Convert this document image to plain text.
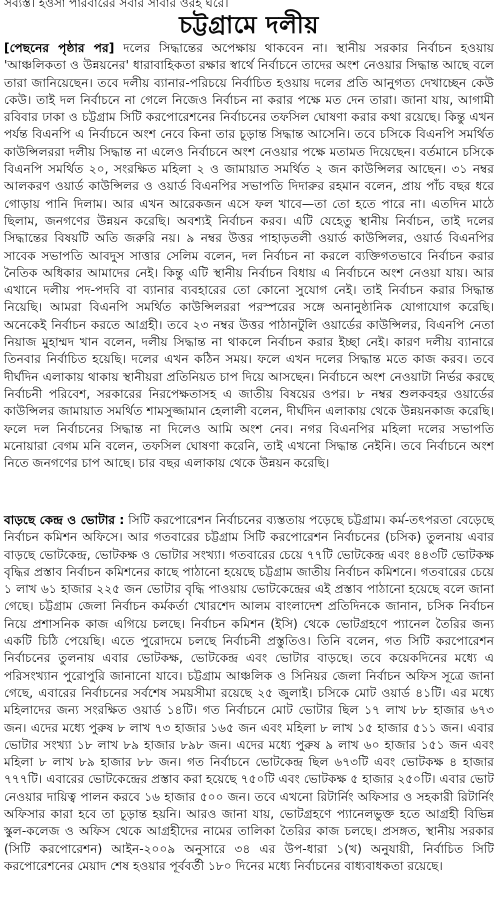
সব্যস্ত। হওসা পারবারের সবার সাবার ওরহ ঘরে।
চট্টগ্রামে দলীয়

[পেছনের পৃষ্ঠার পর] দলের সিদ্ধান্তের অপেক্ষায় থাকবেন না। স্থানীয় সরকার নির্বাচন হওয়ায় 'আঞ্চলিকতা ও উন্নয়নের' ধারাবাহিকতা রক্ষার স্বার্থে নির্বাচনে তাদের অংশ নেওয়ার সিদ্ধান্ত আছে বলে তারা জানিয়েছেন। তবে দলীয় ব্যানার-পরিচয়ে নির্বাচিত হওয়ায় দলের প্রতি আনুগত্য দেখাচ্ছেন কেউ কেউ। তাই দল নির্বাচনে না গেলে নিজেও নির্বাচন না করার পক্ষে মত দেন তারা। জানা যায়, আগামী রবিবার ঢাকা ও চট্টগ্রাম সিটি করপোরেশনের নির্বাচনের তফসিল ঘোষণা করার কথা রয়েছে। কিন্তু এখন পর্যন্ত বিএনপি এ নির্বাচনে অংশ নেবে কিনা তার চূড়ান্ত সিদ্ধান্ত আসেনি। তবে চসিকে বিএনপি সমর্থিত কাউন্সিলররা দলীয় সিদ্ধান্ত না এলেও নির্বাচনে অংশ নেওয়ার পক্ষে মতামত দিয়েছেন। বর্তমানে চসিকে বিএনপি সমর্থিত ২০, সংরক্ষিত মহিলা ২ ও জামায়াত সমর্থিত ২ জন কাউন্সিলর আছেন। ৩১ নম্বর আলকরণ ওয়ার্ড কাউন্সিলর ও ওয়ার্ড বিএনপির সভাপতি দিদারুর রহমান বলেন, প্রায় পাঁচ বছর ধরে গোড়ায় পানি দিলাম। আর এখন আরেকজন এসে ফল খাবে—তা তো হতে পারে না। এতদিন মাঠে ছিলাম, জনগণের উন্নয়ন করেছি। অবশ্যই নির্বাচন করব। এটি যেহেতু স্থানীয় নির্বাচন, তাই দলের সিদ্ধান্তের বিষয়টি অতি জরুরি নয়। ৯ নম্বর উত্তর পাহাড়তলী ওয়ার্ড কাউন্সিলর, ওয়ার্ড বিএনপির সাবেক সভাপতি আবদুস সাত্তার সেলিম বলেন, দল নির্বাচন না করলে ব্যক্তিগতভাবে নির্বাচন করার নৈতিক অধিকার আমাদের নেই। কিন্তু এটি স্থানীয় নির্বাচন বিধায় এ নির্বাচনে অংশ নেওয়া যায়। আর এখানে দলীয় পদ-পদবি বা ব্যানার ব্যবহারের তো কোনো সুযোগ নেই। তাই নির্বাচন করার সিদ্ধান্ত নিয়েছি। আমরা বিএনপি সমর্থিত কাউন্সিলররা পরস্পরের সঙ্গে অনানুষ্ঠানিক যোগাযোগ করেছি। অনেকেই নির্বাচন করতে আগ্রহী। তবে ২৩ নম্বর উত্তর পাঠানটুলি ওয়ার্ডের কাউন্সিলর, বিএনপি নেতা নিয়াজ মুহাম্মদ খান বলেন, দলীয় সিদ্ধান্ত না থাকলে নির্বাচন করার ইচ্ছা নেই। কারণ দলীয় ব্যানারে তিনবার নির্বাচিত হয়েছি। দলের এখন কঠিন সময়। ফলে এখন দলের সিদ্ধান্ত মতে কাজ করব। তবে দীর্ঘদিন এলাকায় থাকায় স্থানীয়রা প্রতিনিয়ত চাপ দিয়ে আসছেন। নির্বাচনে অংশ নেওয়াটা নির্ভর করছে নির্বাচনী পরিবেশ, সরকারের নিরপেক্ষতাসহ এ জাতীয় বিষয়ের ওপর। ৮ নম্বর শুলকবহর ওয়ার্ডের কাউন্সিলর জামায়াত সমর্থিত শামসুজ্জামান হেলালী বলেন, দীর্ঘদিন এলাকায় থেকে উন্নয়নকাজ করেছি। ফলে দল নির্বাচনের সিদ্ধান্ত না দিলেও আমি অংশ নেব। নগর বিএনপির মহিলা দলের সভাপতি মনোয়ারা বেগম মনি বলেন, তফসিল ঘোষণা করেনি, তাই এখনো সিদ্ধান্ত নেইনি। তবে নির্বাচনে অংশ নিতে জনগণের চাপ আছে। চার বছর এলাকায় থেকে উন্নয়ন করেছি।

বাড়ছে কেন্দ্র ও ভোটার : সিটি করপোরেশন নির্বাচনের ব্যস্ততায় পড়েছে চট্টগ্রাম। কর্ম-তৎপরতা বেড়েছে নির্বাচন কমিশন অফিসে। আর গতবারের চট্টগ্রাম সিটি করপোরেশন নির্বাচনের (চসিক) তুলনায় এবার বাড়ছে ভোটকেন্দ্র, ভোটকক্ষ ও ভোটার সংখ্যা। গতবারের চেয়ে ৭৭টি ভোটকেন্দ্র এবং ৪৪৩টি ভোটকক্ষ বৃদ্ধির প্রস্তাব নির্বাচন কমিশনের কাছে পাঠানো হয়েছে চট্টগ্রাম জাতীয় নির্বাচন কমিশনে। গতবারের চেয়ে ১ লাখ ৬১ হাজার ২২৫ জন ভোটার বৃদ্ধি পাওয়ায় ভোটকেন্দ্রের এই প্রস্তাব পাঠানো হয়েছে বলে জানা গেছে। চট্টগ্রাম জেলা নির্বাচন কর্মকর্তা খোরশেদ আলম বাংলাদেশ প্রতিদিনকে জানান, চসিক নির্বাচন নিয়ে প্রশাসনিক কাজ এগিয়ে চলছে। নির্বাচন কমিশন (ইসি) থেকে ভোটগ্রহণে প্যানেল তৈরির জন্য একটি চিঠি পেয়েছি। এতে পুরোদমে চলছে নির্বাচনী প্রস্তুতিও। তিনি বলেন, গত সিটি করপোরেশন নির্বাচনের তুলনায় এবার ভোটকক্ষ, ভোটকেন্দ্র এবং ভোটার বাড়ছে। তবে কয়েকদিনের মধ্যে এ পরিসংখ্যান পুরোপুরি জানানো যাবে। চট্টগ্রাম আঞ্চলিক ও সিনিয়র জেলা নির্বাচন অফিস সূত্রে জানা গেছে, এবারের নির্বাচনের সর্বশেষ সময়সীমা রয়েছে ২৫ জুলাই। চসিকে মোট ওয়ার্ড ৪১টি। এর মধ্যে মহিলাদের জন্য সংরক্ষিত ওয়ার্ড ১৪টি। গত নির্বাচনে মোট ভোটার ছিল ১৭ লাখ ৮৮ হাজার ৬৭৩ জন। এদের মধ্যে পুরুষ ৮ লাখ ৭৩ হাজার ১৬৫ জন এবং মহিলা ৮ লাখ ১৫ হাজার ৫১১ জন। এবার ভোটার সংখ্যা ১৮ লাখ ৮৯ হাজার ৮৯৮ জন। এদের মধ্যে পুরুষ ৯ লাখ ৬০ হাজার ১৫১ জন এবং মহিলা ৮ লাখ ৮৯ হাজার ৮৮ জন। গত নির্বাচনে ভোটকেন্দ্র ছিল ৬৭৩টি এবং ভোটকক্ষ ৪ হাজার ৭৭৭টি। এবারের ভোটকেন্দ্রের প্রস্তাব করা হয়েছে ৭৫০টি এবং ভোটকক্ষ ৫ হাজার ২৫০টি। এবার ভোট নেওয়ার দায়িত্ব পালন করবে ১৬ হাজার ৫০০ জন। তবে এখনো রিটার্নিং অফিসার ও সহকারী রিটার্নিং অফিসার কারা হবে তা চূড়ান্ত হয়নি। আরও জানা যায়, ভোটগ্রহণে প্যানেলভুক্ত হতে আগ্রহী বিভিন্ন স্কুল-কলেজ ও অফিস থেকে আগ্রহীদের নামের তালিকা তৈরির কাজ চলছে। প্রসঙ্গত, স্থানীয় সরকার (সিটি করপোরেশন) আইন-২০০৯ অনুসারে ৩৪ এর উপ-ধারা ১(খ) অনুযায়ী, নির্বাচিত সিটি করপোরেশনের মেয়াদ শেষ হওয়ার পূর্ববর্তী ১৮০ দিনের মধ্যে নির্বাচনের বাধ্যবাধকতা রয়েছে।
